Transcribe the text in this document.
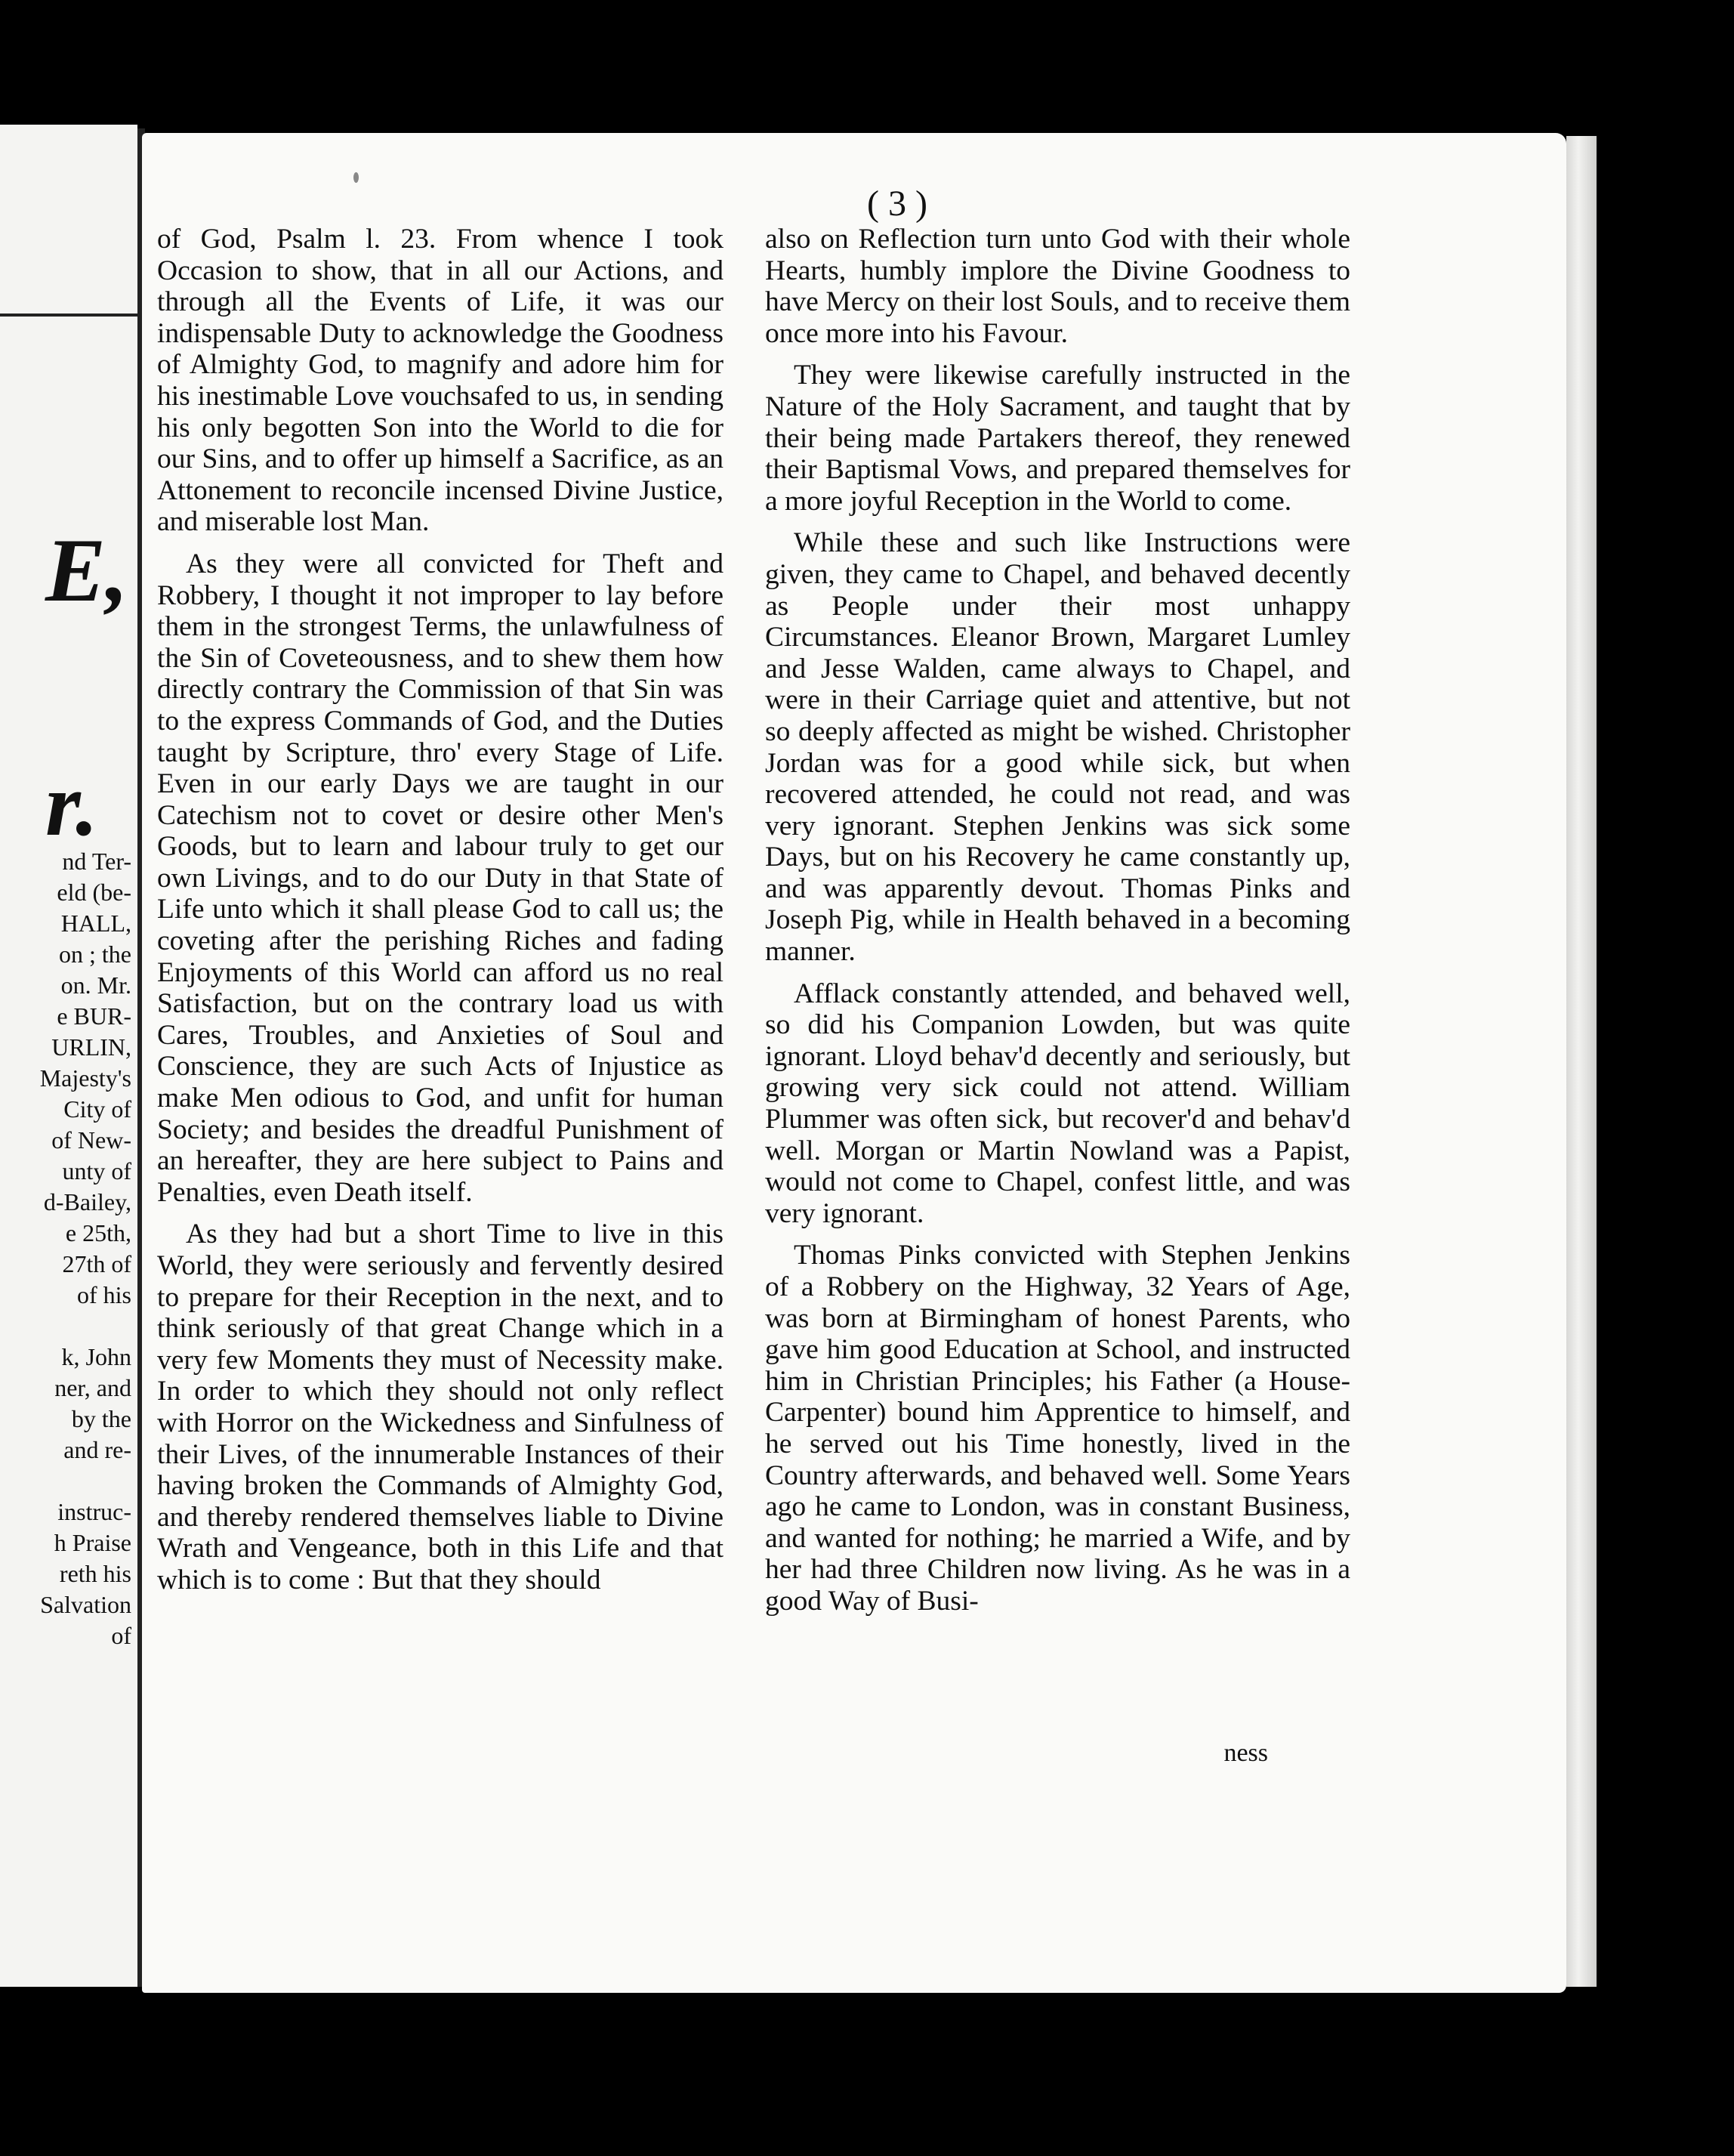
E,
r.
nd Ter-
eld (be-
HALL,
on ; the
on. Mr.
e BUR-
URLIN,
Majesty's
City of
of New-
unty of
d-Bailey,
e 25th,
27th of
of his
k, John
ner, and
by the
and re-
instruc-
h Praise
reth his
Salvation
of
( 3 )

of God, Psalm l. 23. From whence I took Occasion to show, that in all our Actions, and through all the Events of Life, it was our indispensable Duty to acknowledge the Goodness of Almighty God, to magnify and adore him for his inestimable Love vouchsafed to us, in sending his only begotten Son into the World to die for our Sins, and to offer up himself a Sacrifice, as an Attonement to reconcile incensed Divine Justice, and miserable lost Man.

As they were all convicted for Theft and Robbery, I thought it not improper to lay before them in the strongest Terms, the unlawfulness of the Sin of Coveteousness, and to shew them how directly contrary the Commission of that Sin was to the express Commands of God, and the Duties taught by Scripture, thro' every Stage of Life. Even in our early Days we are taught in our Catechism not to covet or desire other Men's Goods, but to learn and labour truly to get our own Livings, and to do our Duty in that State of Life unto which it shall please God to call us; the coveting after the perishing Riches and fading Enjoyments of this World can afford us no real Satisfaction, but on the contrary load us with Cares, Troubles, and Anxieties of Soul and Conscience, they are such Acts of Injustice as make Men odious to God, and unfit for human Society; and besides the dreadful Punishment of an hereafter, they are here subject to Pains and Penalties, even Death itself.

As they had but a short Time to live in this World, they were seriously and fervently desired to prepare for their Reception in the next, and to think seriously of that great Change which in a very few Moments they must of Necessity make. In order to which they should not only reflect with Horror on the Wickedness and Sinfulness of their Lives, of the innumerable Instances of their having broken the Commands of Almighty God, and thereby rendered themselves liable to Divine Wrath and Vengeance, both in this Life and that which is to come : But that they should

also on Reflection turn unto God with their whole Hearts, humbly implore the Divine Goodness to have Mercy on their lost Souls, and to receive them once more into his Favour.

They were likewise carefully instructed in the Nature of the Holy Sacrament, and taught that by their being made Partakers thereof, they renewed their Baptismal Vows, and prepared themselves for a more joyful Reception in the World to come.

While these and such like Instructions were given, they came to Chapel, and behaved decently as People under their most unhappy Circumstances. Eleanor Brown, Margaret Lumley and Jesse Walden, came always to Chapel, and were in their Carriage quiet and attentive, but not so deeply affected as might be wished. Christopher Jordan was for a good while sick, but when recovered attended, he could not read, and was very ignorant. Stephen Jenkins was sick some Days, but on his Recovery he came constantly up, and was apparently devout. Thomas Pinks and Joseph Pig, while in Health behaved in a becoming manner.

Afflack constantly attended, and behaved well, so did his Companion Lowden, but was quite ignorant. Lloyd behav'd decently and seriously, but growing very sick could not attend. William Plummer was often sick, but recover'd and behav'd well. Morgan or Martin Nowland was a Papist, would not come to Chapel, confest little, and was very ignorant.

Thomas Pinks convicted with Stephen Jenkins of a Robbery on the Highway, 32 Years of Age, was born at Birmingham of honest Parents, who gave him good Education at School, and instructed him in Christian Principles; his Father (a House-Carpenter) bound him Apprentice to himself, and he served out his Time honestly, lived in the Country afterwards, and behaved well. Some Years ago he came to London, was in constant Business, and wanted for nothing; he married a Wife, and by her had three Children now living. As he was in a good Way of Busi-

ness
